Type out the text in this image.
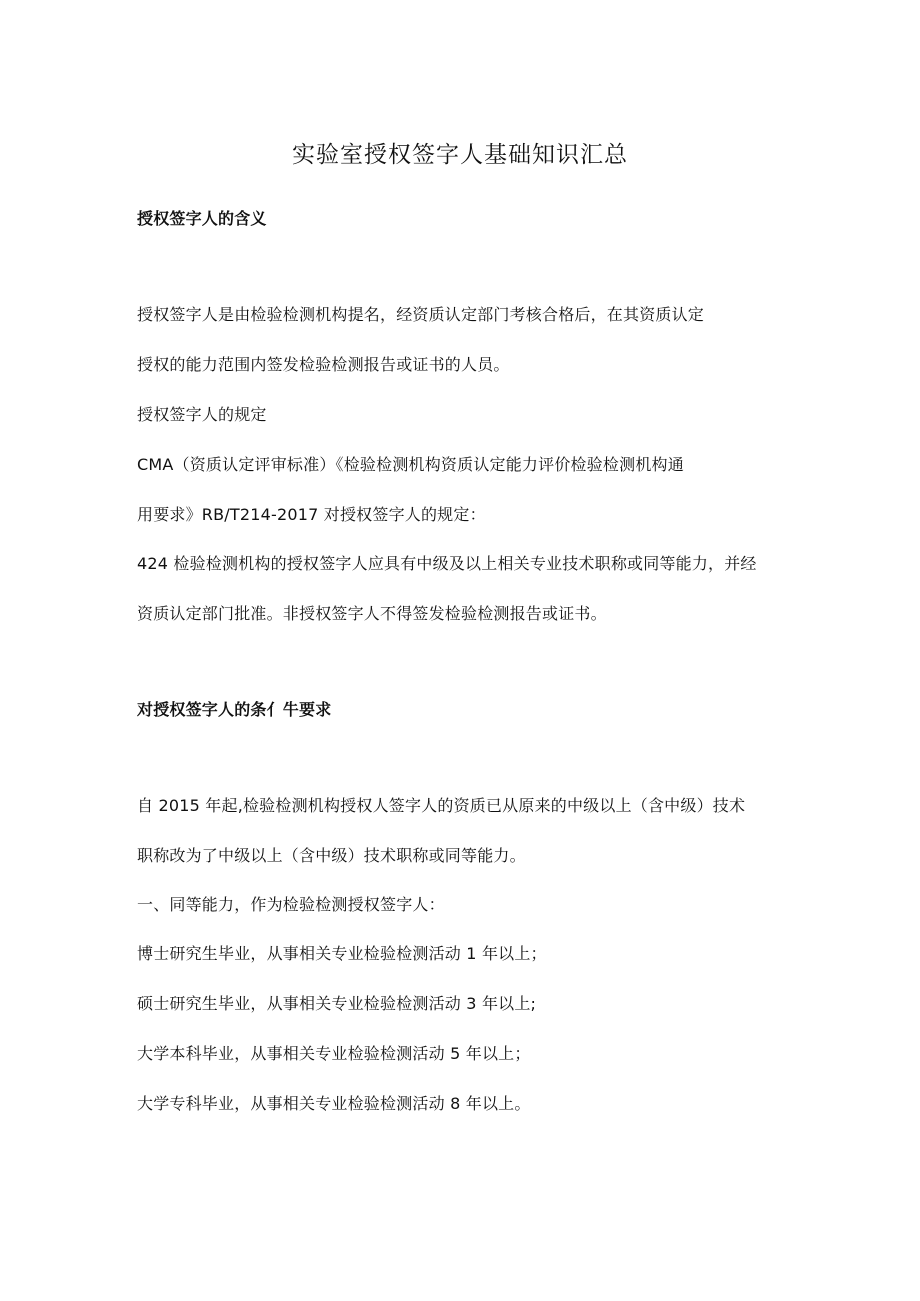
实验室授权签字人基础知识汇总

授权签字人的含义

授权签字人是由检验检测机构提名，经资质认定部门考核合格后，在其资质认定

授权的能力范围内签发检验检测报告或证书的人员。

授权签字人的规定

CMA（资质认定评审标准）《检验检测机构资质认定能力评价检验检测机构通

用要求》RB/T214-2017 对授权签字人的规定：

424 检验检测机构的授权签字人应具有中级及以上相关专业技术职称或同等能力，并经

资质认定部门批准。非授权签字人不得签发检验检测报告或证书。

对授权签字人的条亻牛要求

自 2015 年起,检验检测机构授权人签字人的资质已从原来的中级以上（含中级）技术

职称改为了中级以上（含中级）技术职称或同等能力。

一、同等能力，作为检验检测授权签字人：

博士研究生毕业，从事相关专业检验检测活动 1 年以上；

硕士研究生毕业，从事相关专业检验检测活动 3 年以上;

大学本科毕业，从事相关专业检验检测活动 5 年以上；

大学专科毕业，从事相关专业检验检测活动 8 年以上。
